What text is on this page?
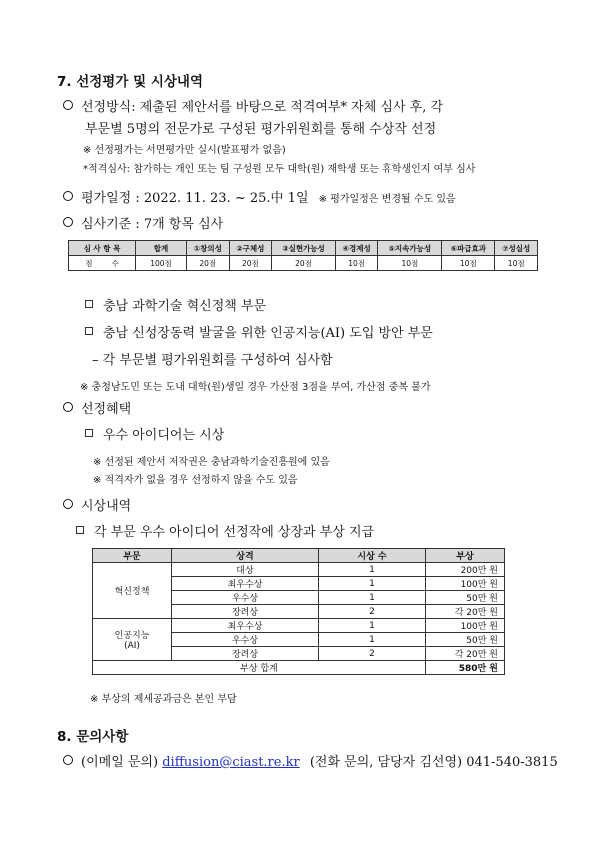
7. 선정평가 및 시상내역
선정방식: 제출된 제안서를 바탕으로 적격여부* 자체 심사 후, 각
부문별 5명의 전문가로 구성된 평가위원회를 통해 수상작 선정
※ 선정평가는 서면평가만 실시(발표평가 없음)
*적격심사: 참가하는 개인 또는 팀 구성원 모두 대학(원) 재학생 또는 휴학생인지 여부 심사
평가일정 : 2022. 11. 23. ~ 25.中 1일 ※ 평가일정은 변경될 수도 있음
심사기준 : 7개 항목 심사
심 사 항 목	합계	①창의성	②구체성	③실현가능성	④경제성	⑤지속가능성	⑥파급효과	⑦성실성
점        수	100점	20점	20점	20점	10점	10점	10점	10점
충남 과학기술 혁신정책 부문
충남 신성장동력 발굴을 위한 인공지능(AI) 도입 방안 부문
– 각 부문별 평가위원회를 구성하여 심사함
※ 충청남도민 또는 도내 대학(원)생일 경우 가산점 3점을 부여, 가산점 중복 불가
선정혜택
우수 아이디어는 시상
※ 선정된 제안서 저작권은 충남과학기술진흥원에 있음
※ 적격자가 없을 경우 선정하지 않을 수도 있음
시상내역
각 부문 우수 아이디어 선정작에 상장과 부상 지급
부문	상격	시상 수	부상
혁신정책	대상	1	200만 원
	최우수상	1	100만 원
	우수상	1	50만 원
	장려상	2	각 20만 원

인공지능
(AI)	최우수상	1	100만 원
	우수상	1	50만 원
	장려상	2	각 20만 원
부상 합계			580만 원
※ 부상의 제세공과금은 본인 부담
8. 문의사항
(이메일 문의) diffusion@ciast.re.kr (전화 문의, 담당자 김선영) 041-540-3815
